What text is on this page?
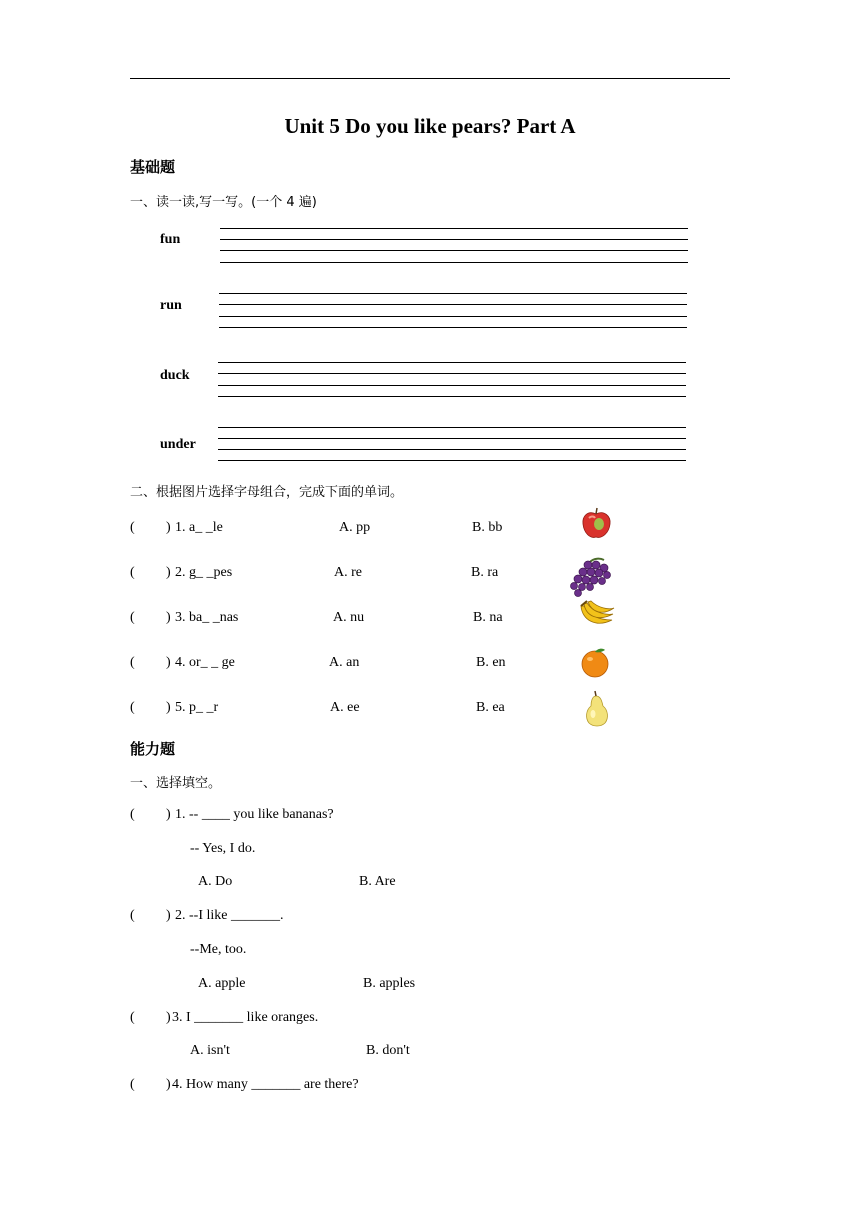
Unit 5 Do you like pears? Part A
基础题
一、读一读,写一写。(一个 4 遍)
fun
run
duck
under
二、根据图片选择字母组合，完成下面的单词。
( ) 1. a_ _le	A. pp	B. bb
( ) 2. g_ _pes	A. re	B. ra
( ) 3. ba_ _nas	A. nu	B. na
( ) 4. or_ _ ge	A. an	B. en
( ) 5. p_ _r	A. ee	B. ea
能力题
一、选择填空。
( ) 1. -- ____ you like bananas?
-- Yes, I do.
A. Do	B. Are
( ) 2. --I like _______.
--Me, too.
A. apple	B. apples
( ) 3. I _______ like oranges.
A. isn't	B. don't
( ) 4. How many _______ are there?
